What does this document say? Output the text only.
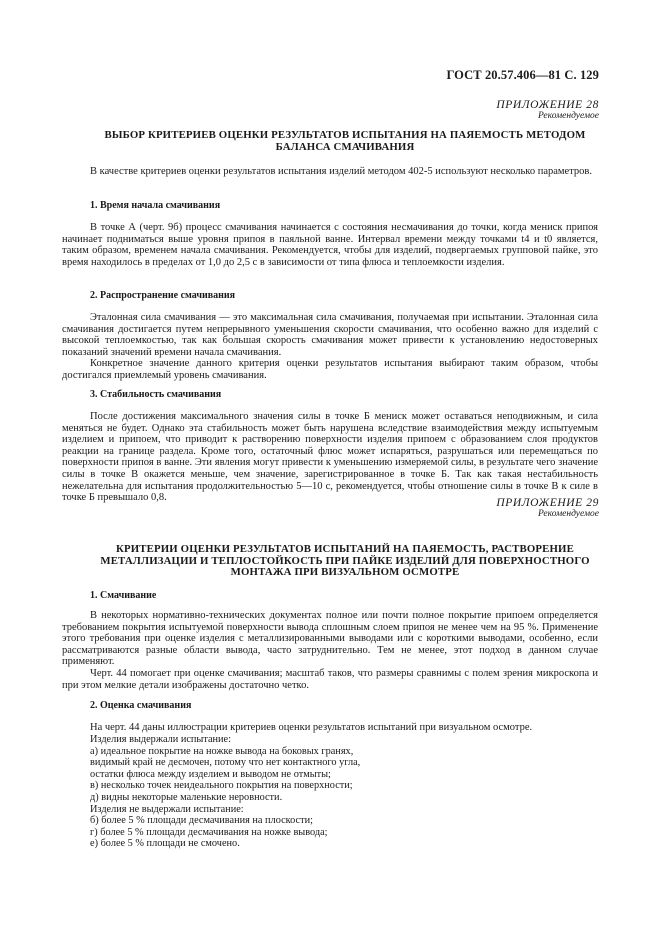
ГОСТ 20.57.406—81 С. 129
ПРИЛОЖЕНИЕ 28
Рекомендуемое
ВЫБОР КРИТЕРИЕВ ОЦЕНКИ РЕЗУЛЬТАТОВ ИСПЫТАНИЯ НА ПАЯЕМОСТЬ МЕТОДОМ БАЛАНСА СМАЧИВАНИЯ

В качестве критериев оценки результатов испытания изделий методом 402-5 используют несколько параметров.

1. Время начала смачивания

В точке А (черт. 9б) процесс смачивания начинается с состояния несмачивания до точки, когда мениск припоя начинает подниматься выше уровня припоя в паяльной ванне. Интервал времени между точками t4 и t0 является, таким образом, временем начала смачивания. Рекомендуется, чтобы для изделий, подвергаемых групповой пайке, это время находилось в пределах от 1,0 до 2,5 с в зависимости от типа флюса и теплоемкости изделия.

2. Распространение смачивания

Эталонная сила смачивания — это максимальная сила смачивания, получаемая при испытании. Эталонная сила смачивания достигается путем непрерывного уменьшения скорости смачивания, что особенно важно для изделий с высокой теплоемкостью, так как большая скорость смачивания может привести к установлению недостоверных показаний значений времени начала смачивания.

Конкретное значение данного критерия оценки результатов испытания выбирают таким образом, чтобы достигался приемлемый уровень смачивания.

3. Стабильность смачивания

После достижения максимального значения силы в точке Б мениск может оставаться неподвижным, и сила меняться не будет. Однако эта стабильность может быть нарушена вследствие взаимодействия между испытуемым изделием и припоем, что приводит к растворению поверхности изделия припоем с образованием слоя продуктов реакции на границе раздела. Кроме того, остаточный флюс может испаряться, разрушаться или перемещаться по поверхности припоя в ванне. Эти явления могут привести к уменьшению измеряемой силы, в результате чего значение силы в точке В окажется меньше, чем значение, зарегистрированное в точке Б. Так как такая нестабильность нежелательна для испытания продолжительностью 5—10 с, рекомендуется, чтобы отношение силы в точке В к силе в точке Б превышало 0,8.	ПРИЛОЖЕНИЕ 29
Рекомендуемое
КРИТЕРИИ ОЦЕНКИ РЕЗУЛЬТАТОВ ИСПЫТАНИЙ НА ПАЯЕМОСТЬ, РАСТВОРЕНИЕ МЕТАЛЛИЗАЦИИ И ТЕПЛОСТОЙКОСТЬ ПРИ ПАЙКЕ ИЗДЕЛИЙ ДЛЯ ПОВЕРХНОСТНОГО МОНТАЖА ПРИ ВИЗУАЛЬНОМ ОСМОТРЕ
1. Смачивание

В некоторых нормативно-технических документах полное или почти полное покрытие припоем определяется требованием покрытия испытуемой поверхности вывода сплошным слоем припоя не менее чем на 95 %. Применение этого требования при оценке изделия с металлизированными выводами или с короткими выводами, особенно, если рассматриваются разные области вывода, часто затруднительно. Тем не менее, этот подход в данном случае применяют.

Черт. 44 помогает при оценке смачивания; масштаб таков, что размеры сравнимы с полем зрения микроскопа и при этом мелкие детали изображены достаточно четко.

2. Оценка смачивания

На черт. 44 даны иллюстрации критериев оценки результатов испытаний при визуальном осмотре.

Изделия выдержали испытание:
а) идеальное покрытие на ножке вывода на боковых гранях,
видимый край не десмочен, потому что нет контактного угла,
остатки флюса между изделием и выводом не отмыты;
в) несколько точек неидеального покрытия на поверхности;
д) видны некоторые маленькие неровности.
Изделия не выдержали испытание:
б) более 5 % площади десмачивания на плоскости;
г) более 5 % площади десмачивания на ножке вывода;
е) более 5 % площади не смочено.
